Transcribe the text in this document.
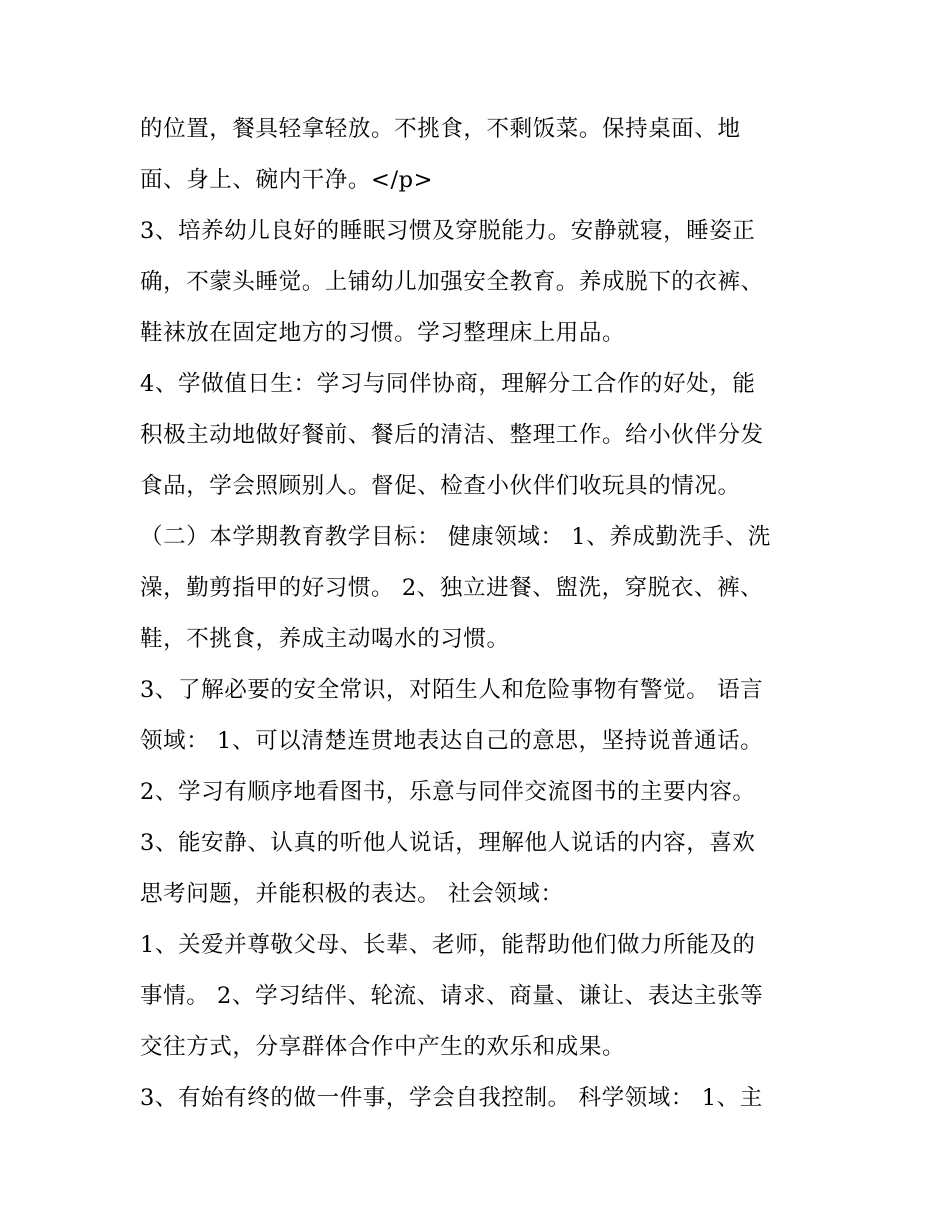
的位置，餐具轻拿轻放。不挑食，不剩饭菜。保持桌面、地
面、身上、碗内干净。</p>
3、培养幼儿良好的睡眠习惯及穿脱能力。安静就寝，睡姿正
确，不蒙头睡觉。上铺幼儿加强安全教育。养成脱下的衣裤、
鞋袜放在固定地方的习惯。学习整理床上用品。
4、学做值日生：学习与同伴协商，理解分工合作的好处，能
积极主动地做好餐前、餐后的清洁、整理工作。给小伙伴分发
食品，学会照顾别人。督促、检查小伙伴们收玩具的情况。
（二）本学期教育教学目标： 健康领域： 1、养成勤洗手、洗
澡，勤剪指甲的好习惯。 2、独立进餐、盥洗，穿脱衣、裤、
鞋，不挑食，养成主动喝水的习惯。
3、了解必要的安全常识，对陌生人和危险事物有警觉。 语言
领域： 1、可以清楚连贯地表达自己的意思，坚持说普通话。
2、学习有顺序地看图书，乐意与同伴交流图书的主要内容。
3、能安静、认真的听他人说话，理解他人说话的内容，喜欢
思考问题，并能积极的表达。 社会领域：
1、关爱并尊敬父母、长辈、老师，能帮助他们做力所能及的
事情。 2、学习结伴、轮流、请求、商量、谦让、表达主张等
交往方式，分享群体合作中产生的欢乐和成果。
3、有始有终的做一件事，学会自我控制。 科学领域： 1、主
